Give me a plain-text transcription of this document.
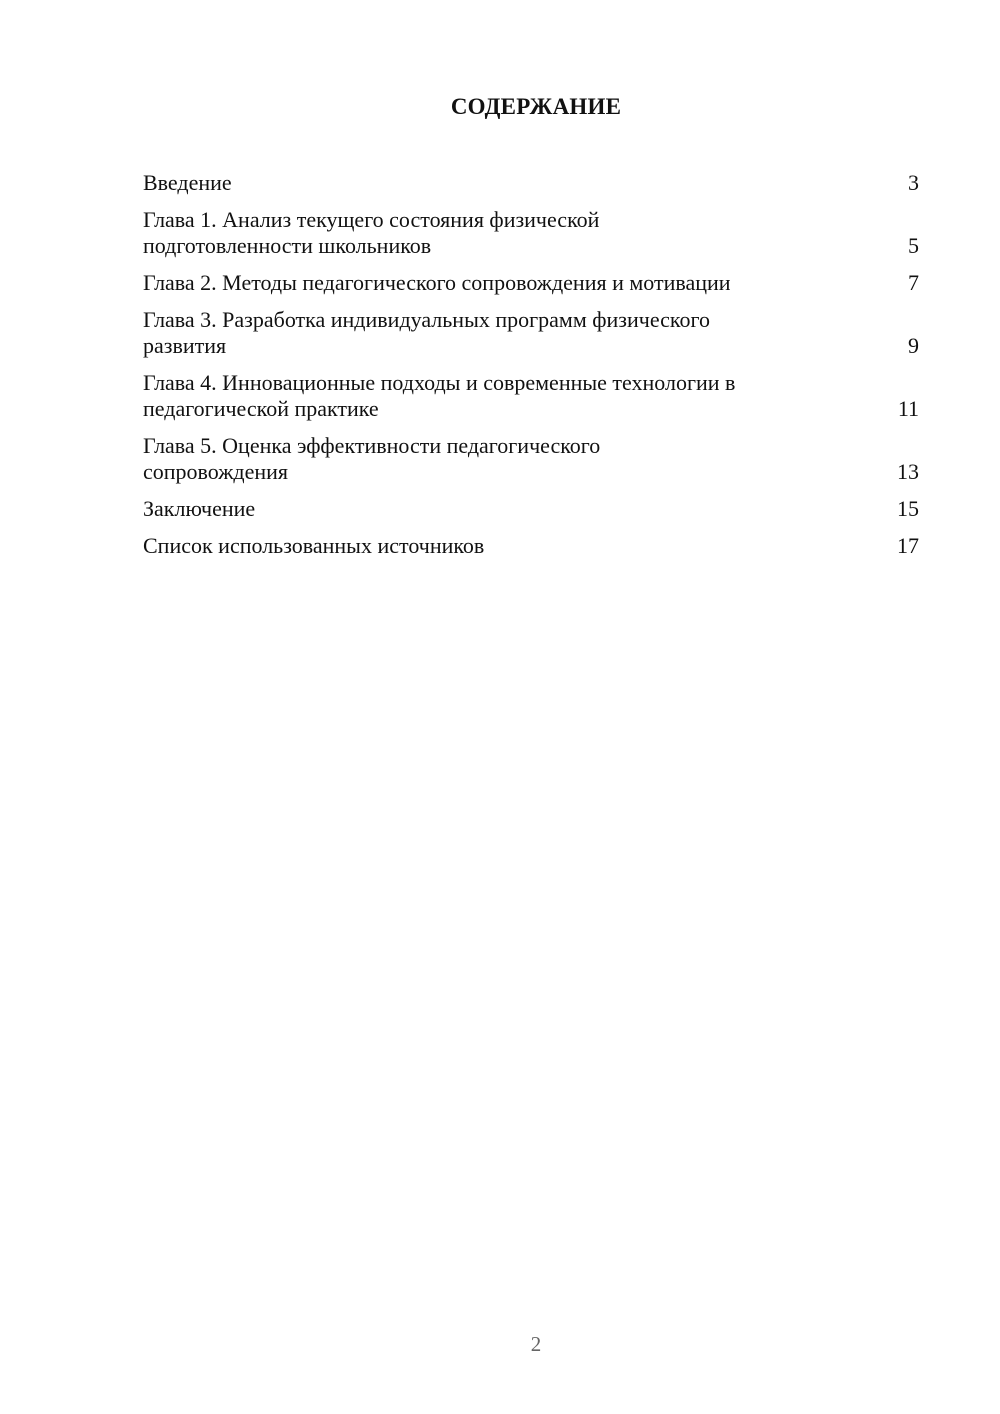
СОДЕРЖАНИЕ
Введение	3
Глава 1. Анализ текущего состояния физической
подготовленности школьников	5
Глава 2. Методы педагогического сопровождения и мотивации	7
Глава 3. Разработка индивидуальных программ физического
развития	9
Глава 4. Инновационные подходы и современные технологии в
педагогической практике	11
Глава 5. Оценка эффективности педагогического
сопровождения	13
Заключение	15
Список использованных источников	17
2
